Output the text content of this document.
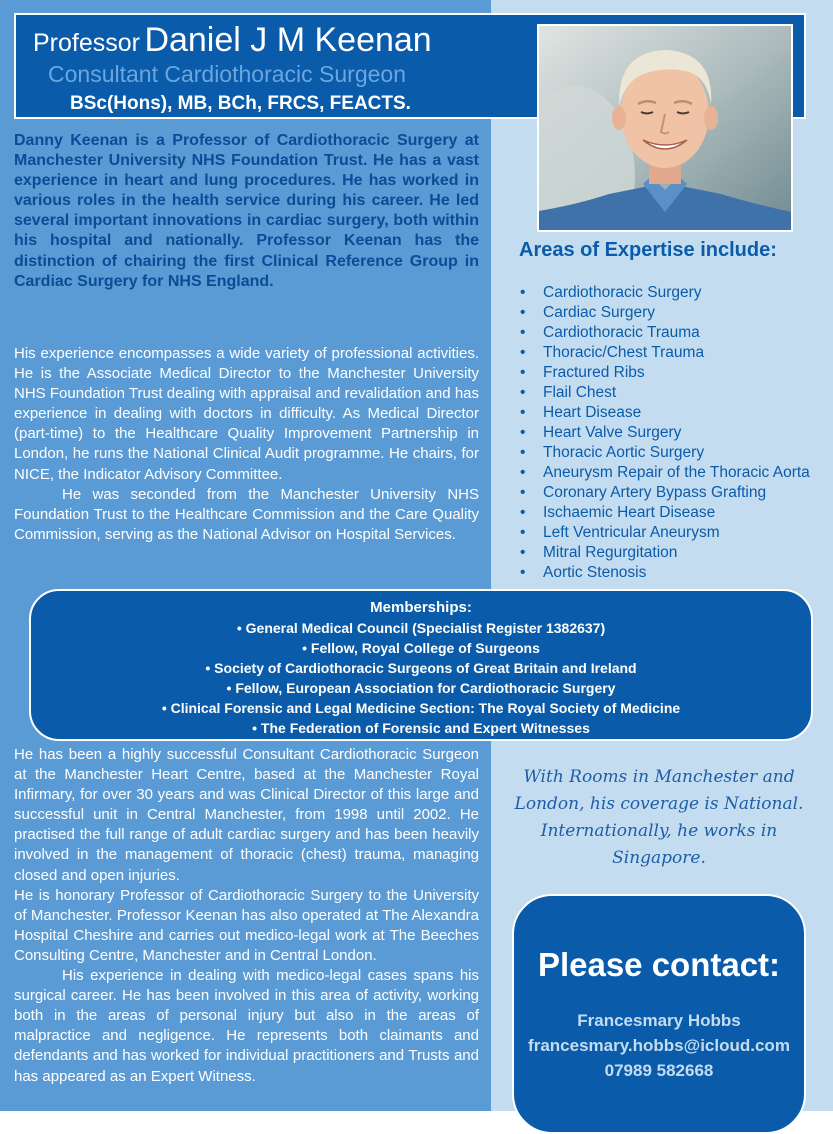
Professor Daniel J M Keenan
Consultant Cardiothoracic Surgeon
BSc(Hons), MB, BCh, FRCS, FEACTS.

Danny Keenan is a Professor of Cardiothoracic Surgery at Manchester University NHS Foundation Trust. He has a vast experience in heart and lung procedures. He has worked in various roles in the health service during his career. He led several important innovations in cardiac surgery, both within his hospital and nationally. Professor Keenan has the distinction of chairing the first Clinical Reference Group in Cardiac Surgery for NHS England.

His experience encompasses a wide variety of professional activities. He is the Associate Medical Director to the Manchester University NHS Foundation Trust dealing with appraisal and revalidation and has experience in dealing with doctors in difficulty. As Medical Director (part-time) to the Healthcare Quality Improvement Partnership in London, he runs the National Clinical Audit programme. He chairs, for NICE, the Indicator Advisory Committee.

He was seconded from the Manchester University NHS Foundation Trust to the Healthcare Commission and the Care Quality Commission, serving as the National Advisor on Hospital Services.

Areas of Expertise include:
• Cardiothoracic Surgery
• Cardiac Surgery
• Cardiothoracic Trauma
• Thoracic/Chest Trauma
• Fractured Ribs
• Flail Chest
• Heart Disease
• Heart Valve Surgery
• Thoracic Aortic Surgery
• Aneurysm Repair of the Thoracic Aorta
• Coronary Artery Bypass Grafting
• Ischaemic Heart Disease
• Left Ventricular Aneurysm
• Mitral Regurgitation
• Aortic Stenosis
Memberships:
• General Medical Council (Specialist Register 1382637)
• Fellow, Royal College of Surgeons
• Society of Cardiothoracic Surgeons of Great Britain and Ireland
• Fellow, European Association for Cardiothoracic Surgery
• Clinical Forensic and Legal Medicine Section: The Royal Society of Medicine
• The Federation of Forensic and Expert Witnesses

He has been a highly successful Consultant Cardiothoracic Surgeon at the Manchester Heart Centre, based at the Manchester Royal Infirmary, for over 30 years and was Clinical Director of this large and successful unit in Central Manchester, from 1998 until 2002. He practised the full range of adult cardiac surgery and has been heavily involved in the management of thoracic (chest) trauma, managing closed and open injuries.

He is honorary Professor of Cardiothoracic Surgery to the University of Manchester. Professor Keenan has also operated at The Alexandra Hospital Cheshire and carries out medico-legal work at The Beeches Consulting Centre, Manchester and in Central London.

His experience in dealing with medico-legal cases spans his surgical career. He has been involved in this area of activity, working both in the areas of personal injury but also in the areas of malpractice and negligence. He represents both claimants and defendants and has worked for individual practitioners and Trusts and has appeared as an Expert Witness.

With Rooms in Manchester and London, his coverage is National. Internationally, he works in Singapore.
Please contact:
Francesmary Hobbs
francesmary.hobbs@icloud.com
07989 582668
